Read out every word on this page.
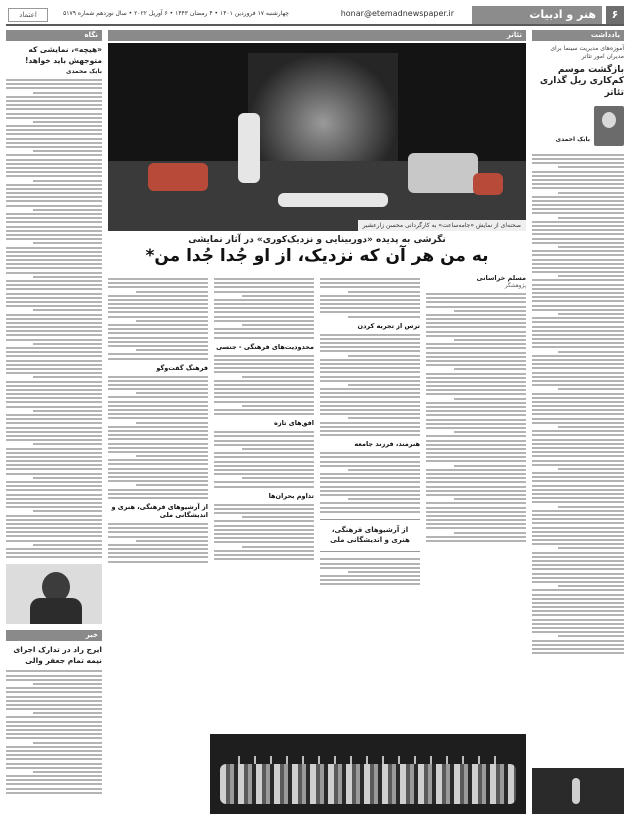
۶
هنر و ادبیات
honar@etemadnewspaper.ir
چهارشنبه ۱۷ فروردین ۱۴۰۱ • ۴ رمضان ۱۴۴۳ • ۶ آوریل ۲۰۲۲ • سال نوزدهم شماره ۵۱۷۹
اعتماد
یادداشت
آموزه‌های مدیریت سینما برای مدیران امور تئاتر
بازگشت موسم کم‌کاری ریل گذاری تئاتر
بابک احمدی
تئاتر
صحنه‌ای از نمایش «جامه‌ساعت» به کارگردانی محسن زارعشیر
نگرشی به پدیده «دوربینایی و نزدیک‌کوری» در آثار نمایشی
به من هر آن که نزدیک، از او جُدا جُدا من*
مسلم خراسانی
پژوهشگر
ترس از تجربه کردن
هنرمند، فرزند جامعه
از آرشیوهای فرهنگی، هنری و اندیشگانی ملی
محدودیت‌های فرهنگی - جنسی
افق‌های تازه
تداوم بحران‌ها
فرهنگ گفت‌وگو
از آرشیوهای فرهنگی، هنری و اندیشگانی ملی
نگاه
«هیچه»، نمایشی که متوجهش باید خواهد!
بابک محمدی
خبر
ایرج راد در تدارک اجرای نیمه تمام جعفر والی
